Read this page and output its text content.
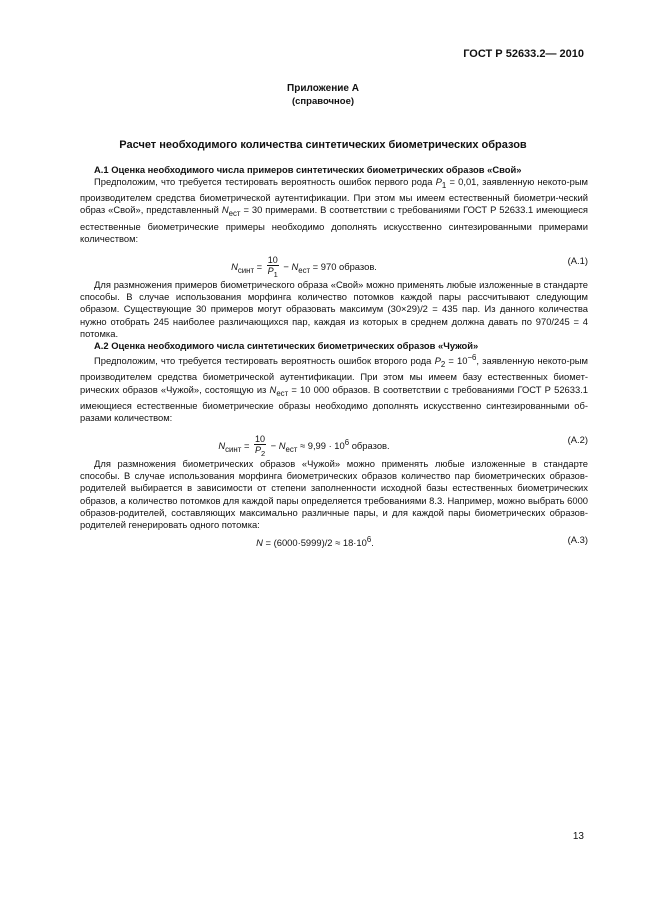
ГОСТ Р 52633.2— 2010
Приложение А
(справочное)
Расчет необходимого количества синтетических биометрических образов
А.1 Оценка необходимого числа примеров синтетических биометрических образов «Свой»

Предположим, что требуется тестировать вероятность ошибок первого рода $P_1 = 0,01$, заявленную некото-рым производителем средства биометрической аутентификации. При этом мы имеем естественный биометри-ческий образ «Свой», представленный $N_{ест} = 30$ примерами. В соответствии с требованиями ГОСТ Р 52633.1 имеющиеся естественные биометрические примеры необходимо дополнять искусственно синтезированными примерами количеством:

$N_{синт} = \frac{10}{P_1} - N_{ест} = 970$ образов.
(А.1)

Для размножения примеров биометрического образа «Свой» можно применять любые изложенные в стандарте способы. В случае использования морфинга количество потомков каждой пары рассчитывают следующим образом. Существующие 30 примеров могут образовать максимум (30×29)/2 = 435 пар. Из данного количества нужно отобрать 245 наиболее различающихся пар, каждая из которых в среднем должна давать по 970/245 = 4 потомка.

А.2 Оценка необходимого числа синтетических биометрических образов «Чужой»

Предположим, что требуется тестировать вероятность ошибок второго рода $P_2 = 10^{-6}$, заявленную некото-рым производителем средства биометрической аутентификации. При этом мы имеем базу естественных биомет-рических образов «Чужой», состоящую из $N_{ест} = 10$ 000 образов. В соответствии с требованиями ГОСТ Р 52633.1 имеющиеся естественные биометрические образы необходимо дополнять искусственно синтезированными об-разами количеством:

$N_{синт} = \frac{10}{P_2} - N_{ест} \approx 9,99 \cdot 10^6$ образов.
(А.2)

Для размножения биометрических образов «Чужой» можно применять любые изложенные в стандарте способы. В случае использования морфинга биометрических образов количество пар биометрических образов-родителей выбирается в зависимости от степени заполненности исходной базы естественных биометрических образов, а количество потомков для каждой пары определяется требованиями 8.3. Например, можно выбрать 6000 образов-родителей, составляющих максимально различные пары, и для каждой пары биометрических образов-родителей генерировать одного потомка:

$N = (6000\cdot 5999)/2 \approx 18\cdot 10^6$.	(А.3)
13
